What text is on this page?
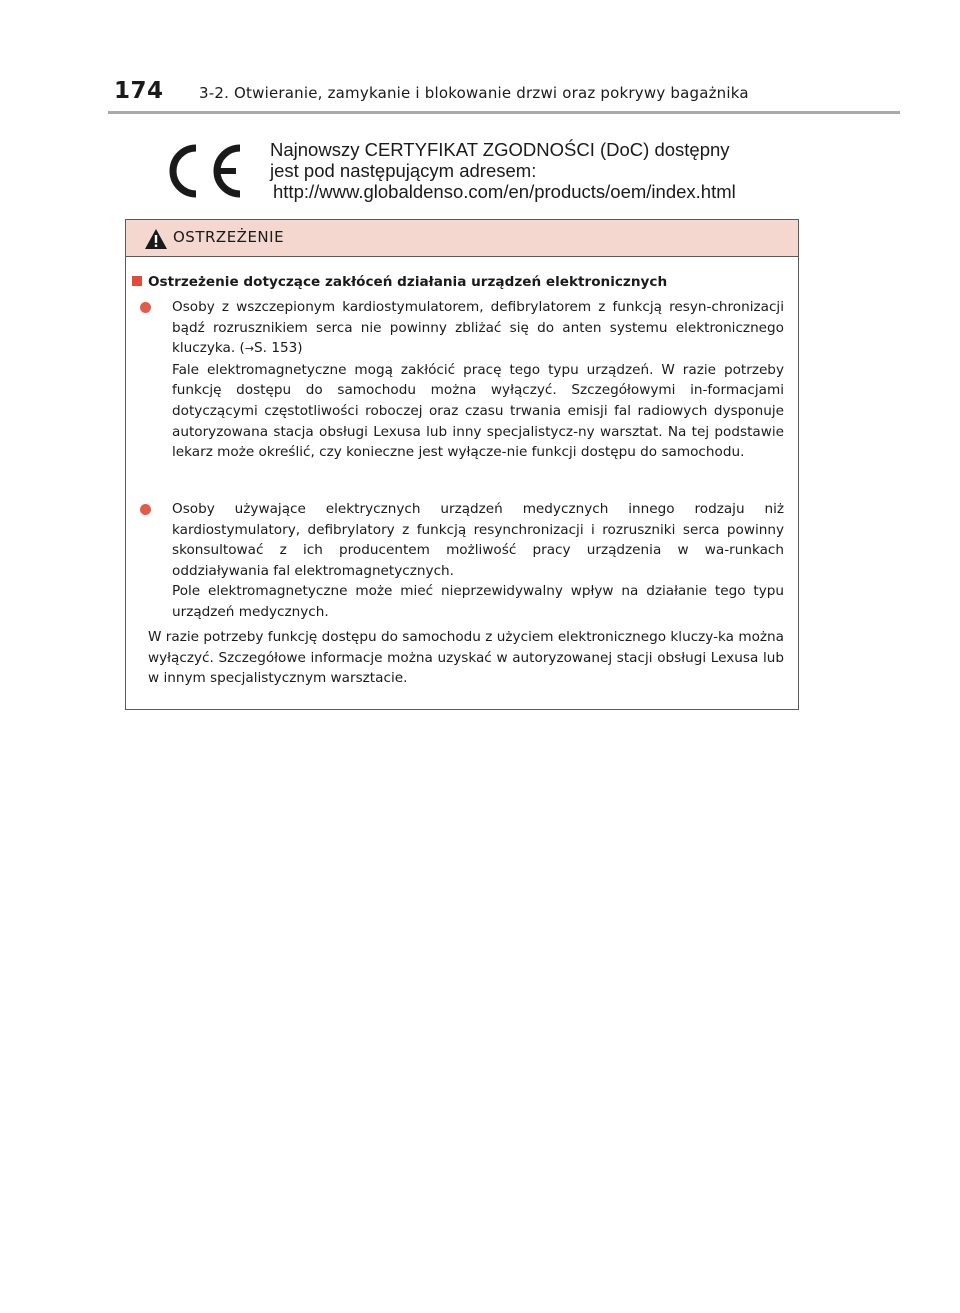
174 3-2. Otwieranie, zamykanie i blokowanie drzwi oraz pokrywy bagażnika
Najnowszy CERTYFIKAT ZGODNOŚCI (DoC) dostępny
jest pod następującym adresem:
http://www.globaldenso.com/en/products/oem/index.html
OSTRZEŻENIE
Ostrzeżenie dotyczące zakłóceń działania urządzeń elektronicznych

Osoby z wszczepionym kardiostymulatorem, defibrylatorem z funkcją resyn-chronizacji bądź rozrusznikiem serca nie powinny zbliżać się do anten systemu elektronicznego kluczyka. (→S. 153)

Fale elektromagnetyczne mogą zakłócić pracę tego typu urządzeń. W razie potrzeby funkcję dostępu do samochodu można wyłączyć. Szczegółowymi in-formacjami dotyczącymi częstotliwości roboczej oraz czasu trwania emisji fal radiowych dysponuje autoryzowana stacja obsługi Lexusa lub inny specjalistycz-ny warsztat. Na tej podstawie lekarz może określić, czy konieczne jest wyłącze-nie funkcji dostępu do samochodu.

Osoby używające elektrycznych urządzeń medycznych innego rodzaju niż kardiostymulatory, defibrylatory z funkcją resynchronizacji i rozruszniki serca powinny skonsultować z ich producentem możliwość pracy urządzenia w wa-runkach oddziaływania fal elektromagnetycznych.

Pole elektromagnetyczne może mieć nieprzewidywalny wpływ na działanie tego typu urządzeń medycznych.

W razie potrzeby funkcję dostępu do samochodu z użyciem elektronicznego kluczy-ka można wyłączyć. Szczegółowe informacje można uzyskać w autoryzowanej stacji obsługi Lexusa lub w innym specjalistycznym warsztacie.
